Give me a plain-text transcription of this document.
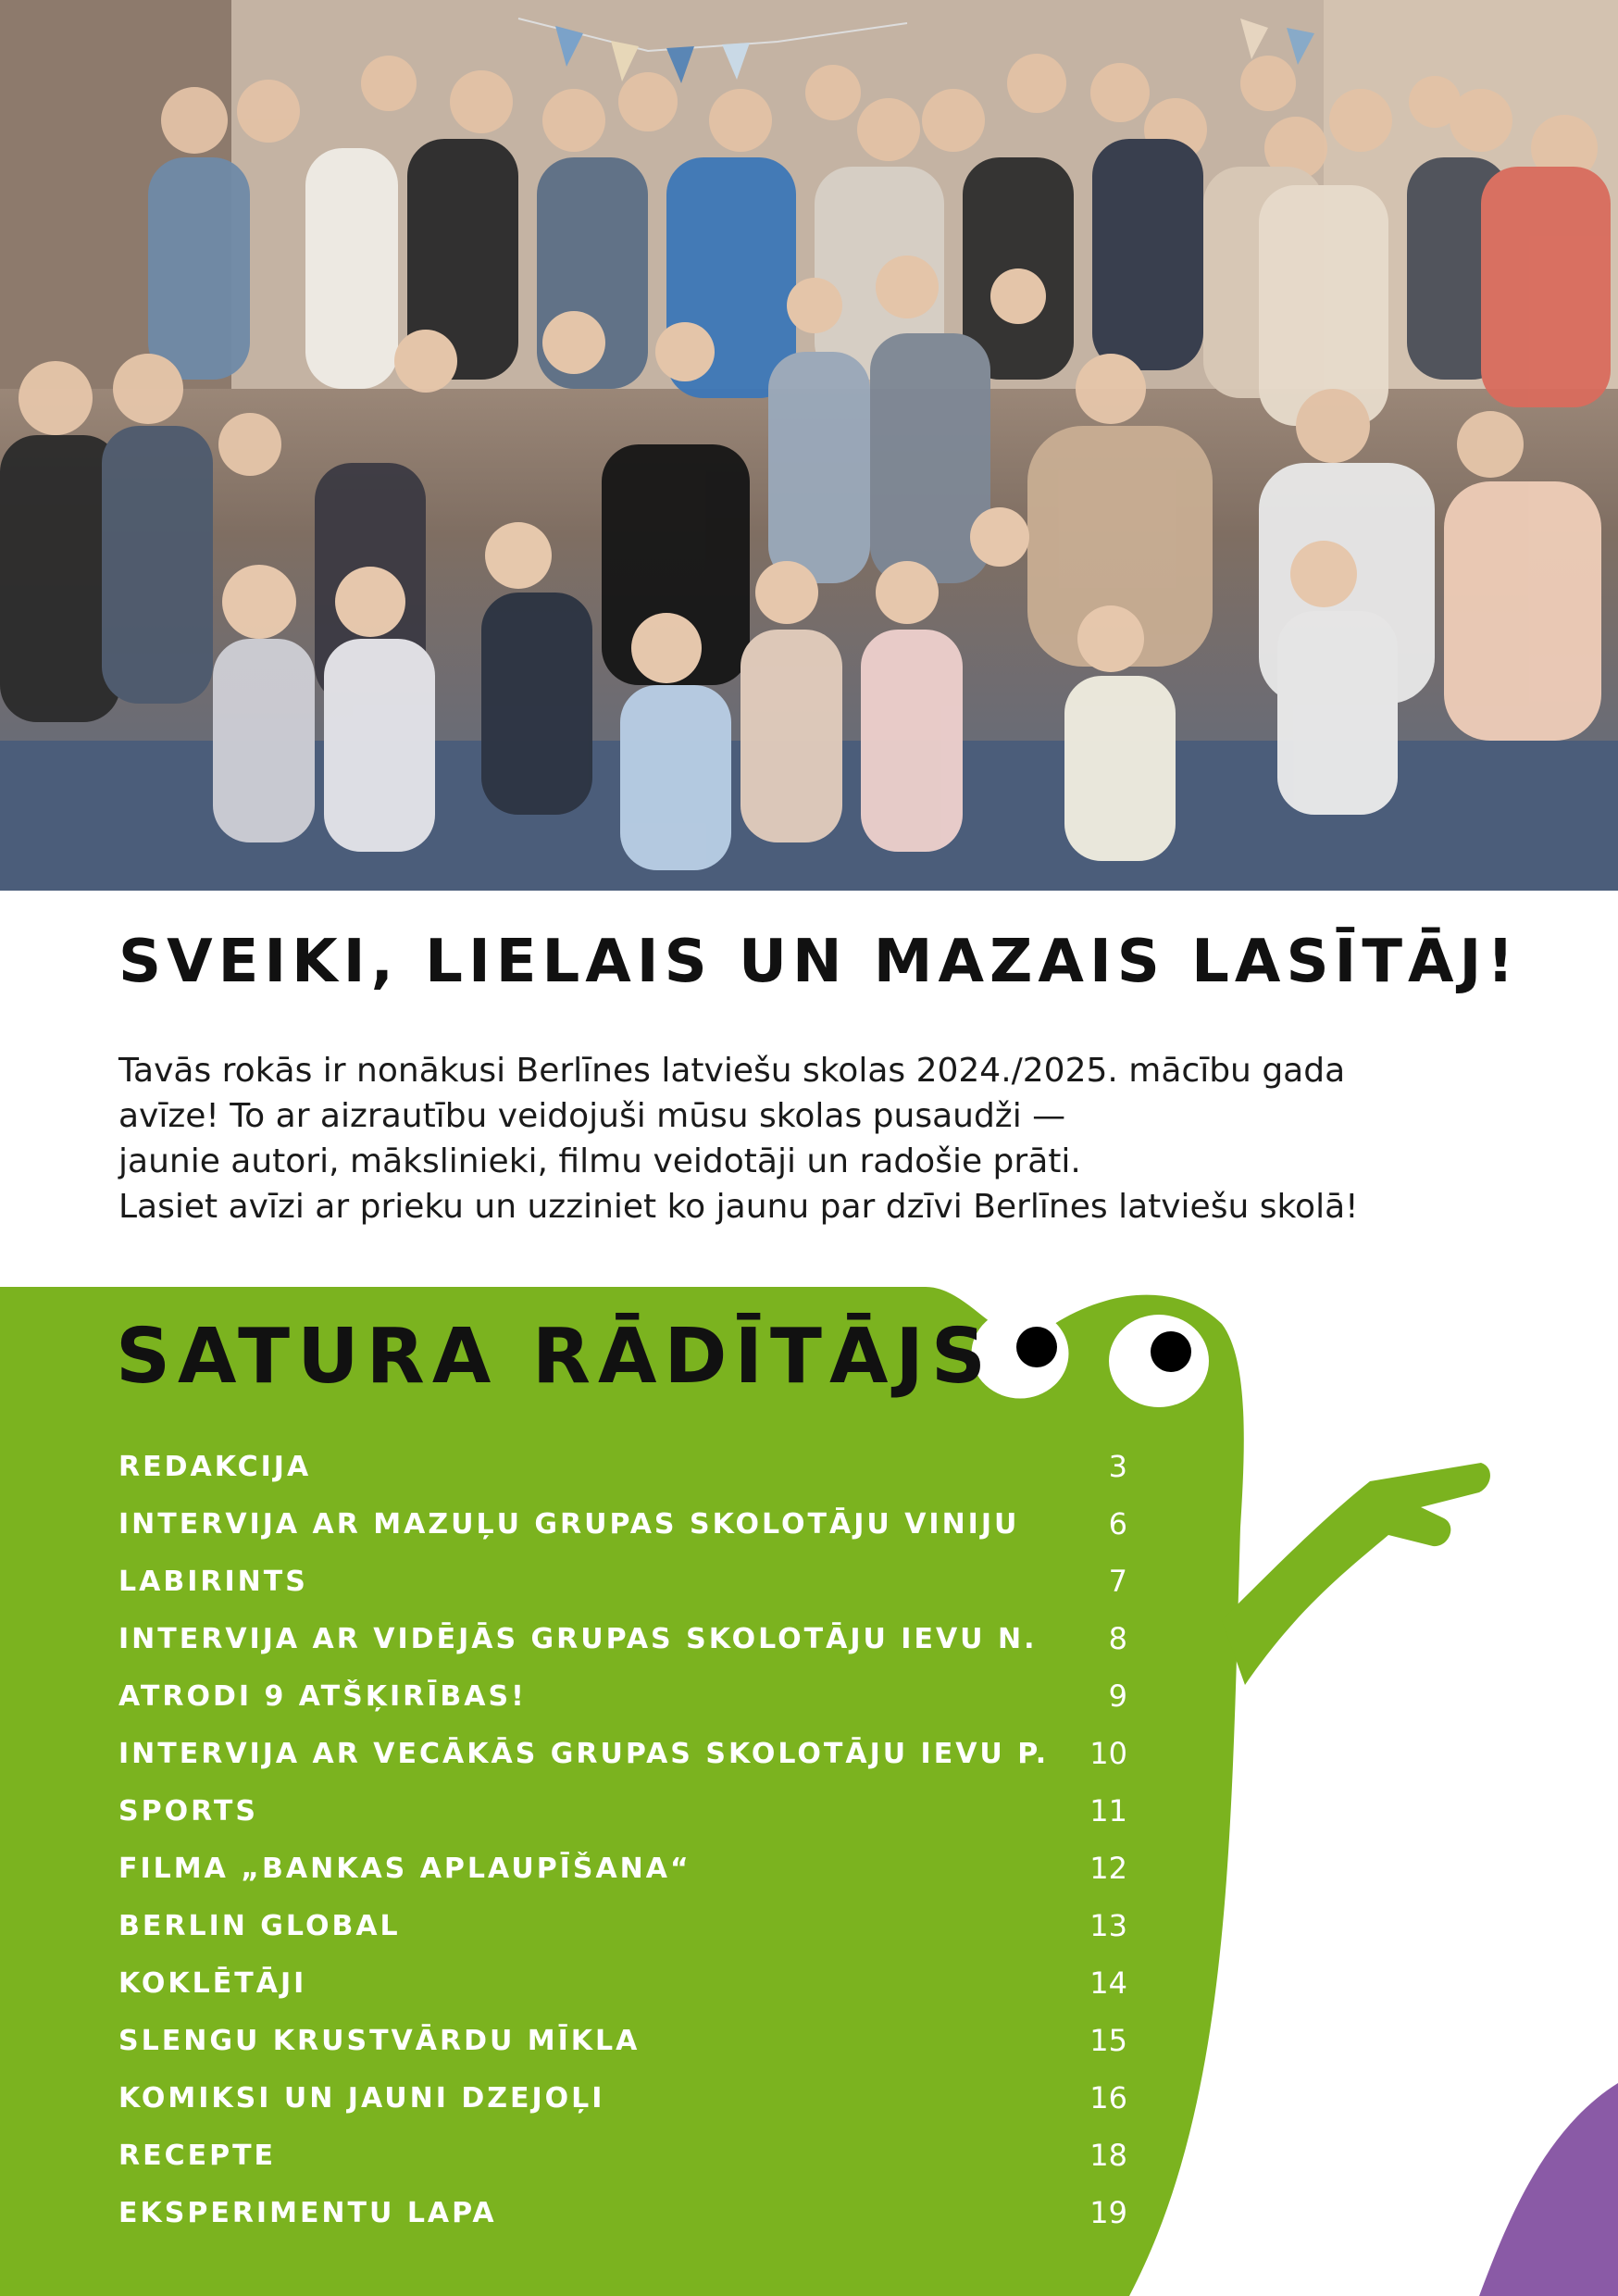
SVEIKI, LIELAIS UN MAZAIS LASĪTĀJ!

Tavās rokās ir nonākusi Berlīnes latviešu skolas 2024./2025. mācību gada

avīze! To ar aizrautību veidojuši mūsu skolas pusaudži —

jaunie autori, mākslinieki, filmu veidotāji un radošie prāti.

Lasiet avīzi ar prieku un uzziniet ko jaunu par dzīvi Berlīnes latviešu skolā!

SATURA RĀDĪTĀJS
REDAKCIJA	3
INTERVIJA AR MAZUĻU GRUPAS SKOLOTĀJU VINIJU	6
LABIRINTS	7
INTERVIJA AR VIDĒJĀS GRUPAS SKOLOTĀJU IEVU N.	8
ATRODI 9 ATŠĶIRĪBAS!	9
INTERVIJA AR VECĀKĀS GRUPAS SKOLOTĀJU IEVU P. 10
SPORTS	11
FILMA „BANKAS APLAUPĪŠANA“	12
BERLIN GLOBAL	13
KOKLĒTĀJI	14
SLENGU KRUSTVĀRDU MĪKLA	15
KOMIKSI UN JAUNI DZEJOĻI	16
RECEPTE	18
EKSPERIMENTU LAPA	19
